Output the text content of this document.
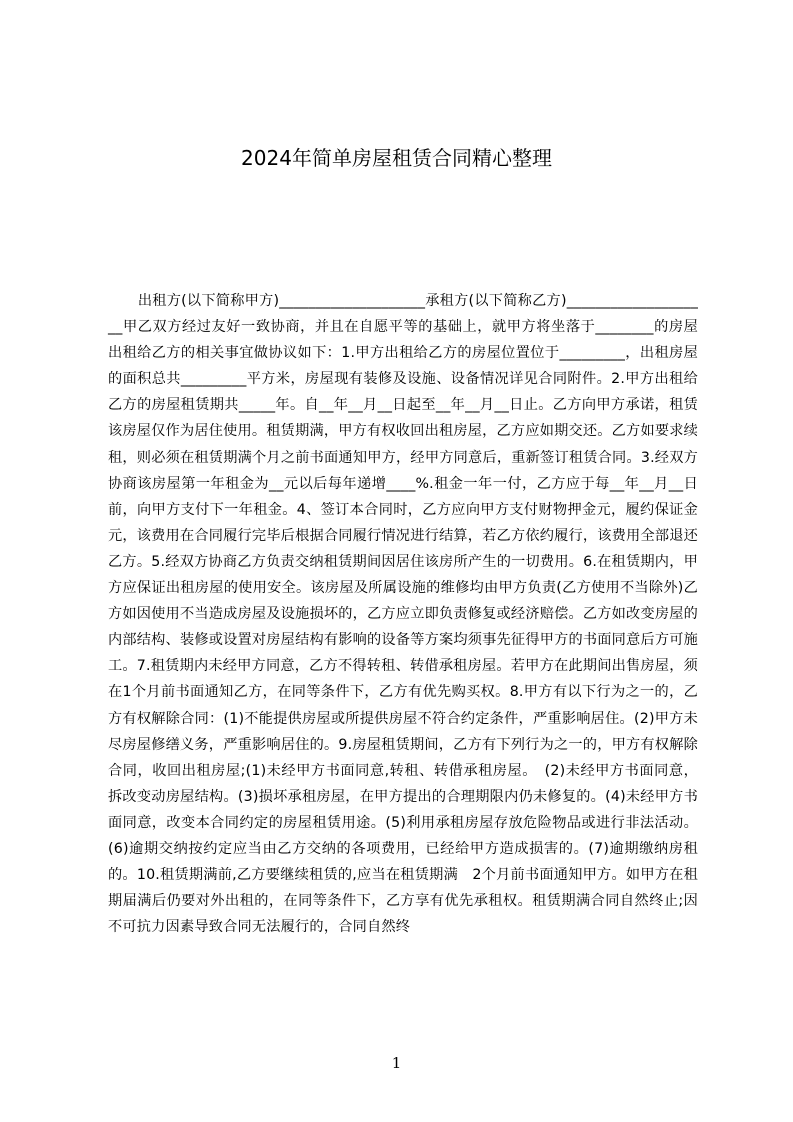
2024年简单房屋租赁合同精心整理

出租方(以下简称甲方)____________________承租方(以下简称乙方)____________________甲乙双方经过友好一致协商，并且在自愿平等的基础上，就甲方将坐落于________的房屋出租给乙方的相关事宜做协议如下：1.甲方出租给乙方的房屋位置位于_________，出租房屋的面积总共_________平方米，房屋现有装修及设施、设备情况详见合同附件。2.甲方出租给乙方的房屋租赁期共_____年。自__年__月__日起至__年__月__日止。乙方向甲方承诺，租赁该房屋仅作为居住使用。租赁期满，甲方有权收回出租房屋，乙方应如期交还。乙方如要求续租，则必须在租赁期满个月之前书面通知甲方，经甲方同意后，重新签订租赁合同。3.经双方协商该房屋第一年租金为__元以后每年递增____%.租金一年一付，乙方应于每__年__月__日前，向甲方支付下一年租金。4、签订本合同时，乙方应向甲方支付财物押金元，履约保证金元，该费用在合同履行完毕后根据合同履行情况进行结算，若乙方依约履行，该费用全部退还乙方。5.经双方协商乙方负责交纳租赁期间因居住该房所产生的一切费用。6.在租赁期内，甲方应保证出租房屋的使用安全。该房屋及所属设施的维修均由甲方负责(乙方使用不当除外)乙方如因使用不当造成房屋及设施损坏的，乙方应立即负责修复或经济赔偿。乙方如改变房屋的内部结构、装修或设置对房屋结构有影响的设备等方案均须事先征得甲方的书面同意后方可施工。7.租赁期内未经甲方同意，乙方不得转租、转借承租房屋。若甲方在此期间出售房屋，须在1个月前书面通知乙方，在同等条件下，乙方有优先购买权。8.甲方有以下行为之一的，乙方有权解除合同：(1)不能提供房屋或所提供房屋不符合约定条件，严重影响居住。(2)甲方未尽房屋修缮义务，严重影响居住的。9.房屋租赁期间，乙方有下列行为之一的，甲方有权解除合同，收回出租房屋;(1)未经甲方书面同意,转租、转借承租房屋。　(2)未经甲方书面同意，拆改变动房屋结构。(3)损坏承租房屋，在甲方提出的合理期限内仍未修复的。(4)未经甲方书面同意，改变本合同约定的房屋租赁用途。(5)利用承租房屋存放危险物品或进行非法活动。(6)逾期交纳按约定应当由乙方交纳的各项费用，已经给甲方造成损害的。(7)逾期缴纳房租的。10.租赁期满前,乙方要继续租赁的,应当在租赁期满　2个月前书面通知甲方。如甲方在租期届满后仍要对外出租的，在同等条件下，乙方享有优先承租权。租赁期满合同自然终止;因不可抗力因素导致合同无法履行的，合同自然终

1
